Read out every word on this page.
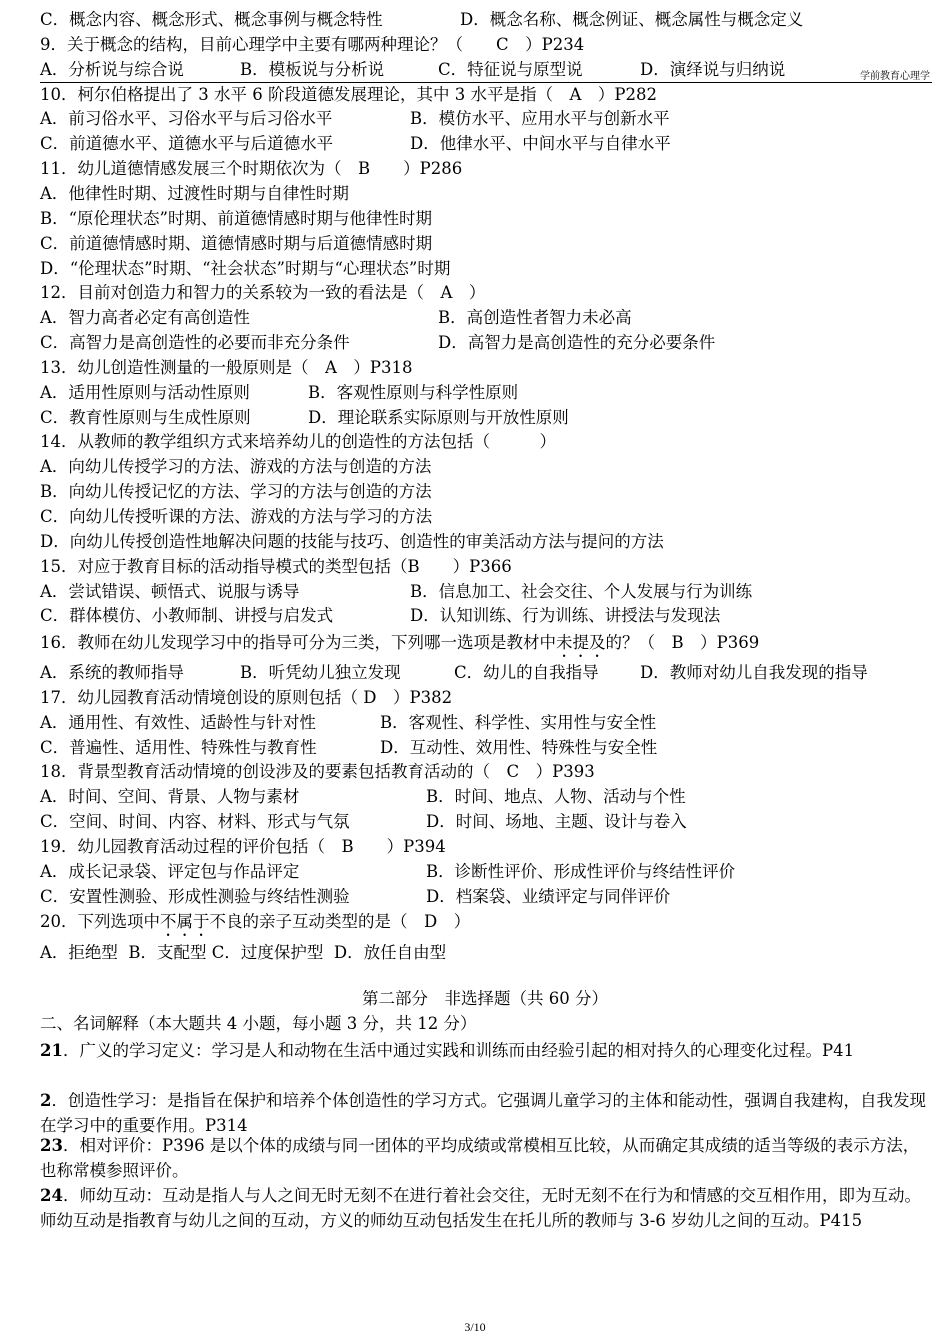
学前教育心理学
C．概念内容、概念形式、概念事例与概念特性	D．概念名称、概念例证、概念属性与概念定义
9．关于概念的结构，目前心理学中主要有哪两种理论？（　　C　）P234
A．分析说与综合说	B．模板说与分析说	C．特征说与原型说	D．演绎说与归纳说
10．柯尔伯格提出了 3 水平 6 阶段道德发展理论，其中 3 水平是指（　A　）P282
A．前习俗水平、习俗水平与后习俗水平	B．模仿水平、应用水平与创新水平
C．前道德水平、道德水平与后道德水平	D．他律水平、中间水平与自律水平
11．幼儿道德情感发展三个时期依次为（　B　　）P286
A．他律性时期、过渡性时期与自律性时期
B．“原伦理状态”时期、前道德情感时期与他律性时期
C．前道德情感时期、道德情感时期与后道德情感时期
D．“伦理状态”时期、“社会状态”时期与“心理状态”时期
12．目前对创造力和智力的关系较为一致的看法是（　A　）
A．智力高者必定有高创造性	B．高创造性者智力未必高
C．高智力是高创造性的必要而非充分条件	D．高智力是高创造性的充分必要条件
13．幼儿创造性测量的一般原则是（　A　）P318
A．适用性原则与活动性原则	B．客观性原则与科学性原则
C．教育性原则与生成性原则	D．理论联系实际原则与开放性原则
14．从教师的教学组织方式来培养幼儿的创造性的方法包括（　　　）
A．向幼儿传授学习的方法、游戏的方法与创造的方法
B．向幼儿传授记忆的方法、学习的方法与创造的方法
C．向幼儿传授听课的方法、游戏的方法与学习的方法
D．向幼儿传授创造性地解决问题的技能与技巧、创造性的审美活动方法与提问的方法
15．对应于教育目标的活动指导模式的类型包括（B　　）P366
A．尝试错误、顿悟式、说服与诱导	B．信息加工、社会交往、个人发展与行为训练
C．群体模仿、小教师制、讲授与启发式	D．认知训练、行为训练、讲授法与发现法
16．教师在幼儿发现学习中的指导可分为三类，下列哪一选项是教材中未提及的？（　B　）P369
A．系统的教师指导	B．听凭幼儿独立发现	C．幼儿的自我指导	D．教师对幼儿自我发现的指导
17．幼儿园教育活动情境创设的原则包括（ D　）P382
A．通用性、有效性、适龄性与针对性	B．客观性、科学性、实用性与安全性
C．普遍性、适用性、特殊性与教育性	D．互动性、效用性、特殊性与安全性
18．背景型教育活动情境的创设涉及的要素包括教育活动的（　C　）P393
A．时间、空间、背景、人物与素材	B．时间、地点、人物、活动与个性
C．空间、时间、内容、材料、形式与气氛	D．时间、场地、主题、设计与卷入
19．幼儿园教育活动过程的评价包括（　B　　）P394
A．成长记录袋、评定包与作品评定	B．诊断性评价、形成性评价与终结性评价
C．安置性测验、形成性测验与终结性测验	D．档案袋、业绩评定与同伴评价
20．下列选项中不属于不良的亲子互动类型的是（　D　）
A．拒绝型  B．支配型 C．过度保护型  D．放任自由型
第二部分　非选择题（共 60 分）
二、名词解释（本大题共 4 小题，每小题 3 分，共 12 分）
21．广义的学习定义：学习是人和动物在生活中通过实践和训练而由经验引起的相对持久的心理变化过程。P41
2．创造性学习：是指旨在保护和培养个体创造性的学习方式。它强调儿童学习的主体和能动性，强调自我建构，自我发现在学习中的重要作用。P314
23．相对评价：P396 是以个体的成绩与同一团体的平均成绩或常模相互比较，从而确定其成绩的适当等级的表示方法，也称常模参照评价。
24．师幼互动：互动是指人与人之间无时无刻不在进行着社会交往，无时无刻不在行为和情感的交互相作用，即为互动。师幼互动是指教育与幼儿之间的互动，方义的师幼互动包括发生在托儿所的教师与 3-6 岁幼儿之间的互动。P415
3/10
